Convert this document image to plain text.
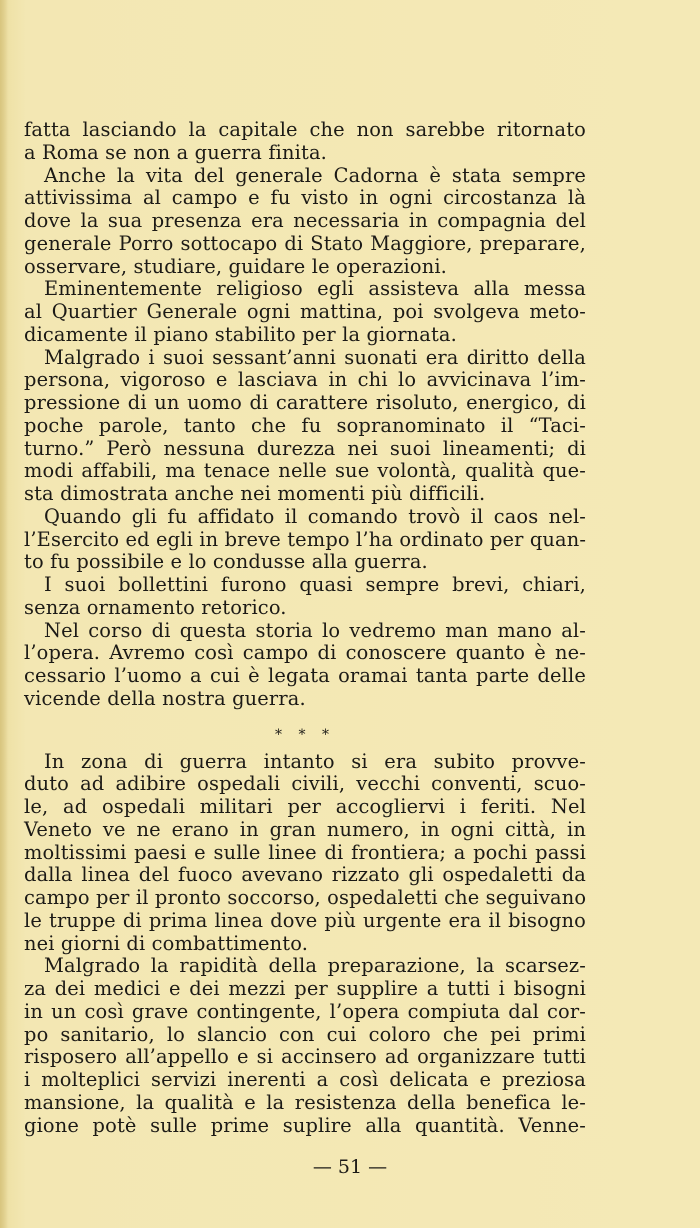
fatta lasciando la capitale che non sarebbe ritornato
a Roma se non a guerra finita.
Anche la vita del generale Cadorna è stata sempre
attivissima al campo e fu visto in ogni circostanza là
dove la sua presenza era necessaria in compagnia del
generale Porro sottocapo di Stato Maggiore, preparare,
osservare, studiare, guidare le operazioni.
Eminentemente religioso egli assisteva alla messa
al Quartier Generale ogni mattina, poi svolgeva meto-
dicamente il piano stabilito per la giornata.
Malgrado i suoi sessant’anni suonati era diritto della
persona, vigoroso e lasciava in chi lo avvicinava l’im-
pressione di un uomo di carattere risoluto, energico, di
poche parole, tanto che fu sopranominato il “Taci-
turno.” Però nessuna durezza nei suoi lineamenti; di
modi affabili, ma tenace nelle sue volontà, qualità que-
sta dimostrata anche nei momenti più difficili.
Quando gli fu affidato il comando trovò il caos nel-
l’Esercito ed egli in breve tempo l’ha ordinato per quan-
to fu possibile e lo condusse alla guerra.
I suoi bollettini furono quasi sempre brevi, chiari,
senza ornamento retorico.
Nel corso di questa storia lo vedremo man mano al-
l’opera. Avremo così campo di conoscere quanto è ne-
cessario l’uomo a cui è legata oramai tanta parte delle
vicende della nostra guerra.
* * *
In zona di guerra intanto si era subito provve-
duto ad adibire ospedali civili, vecchi conventi, scuo-
le, ad ospedali militari per accogliervi i feriti. Nel
Veneto ve ne erano in gran numero, in ogni città, in
moltissimi paesi e sulle linee di frontiera; a pochi passi
dalla linea del fuoco avevano rizzato gli ospedaletti da
campo per il pronto soccorso, ospedaletti che seguivano
le truppe di prima linea dove più urgente era il bisogno
nei giorni di combattimento.
Malgrado la rapidità della preparazione, la scarsez-
za dei medici e dei mezzi per supplire a tutti i bisogni
in un così grave contingente, l’opera compiuta dal cor-
po sanitario, lo slancio con cui coloro che pei primi
risposero all’appello e si accinsero ad organizzare tutti
i molteplici servizi inerenti a così delicata e preziosa
mansione, la qualità e la resistenza della benefica le-
gione potè sulle prime suplire alla quantità. Venne-
— 51 —
